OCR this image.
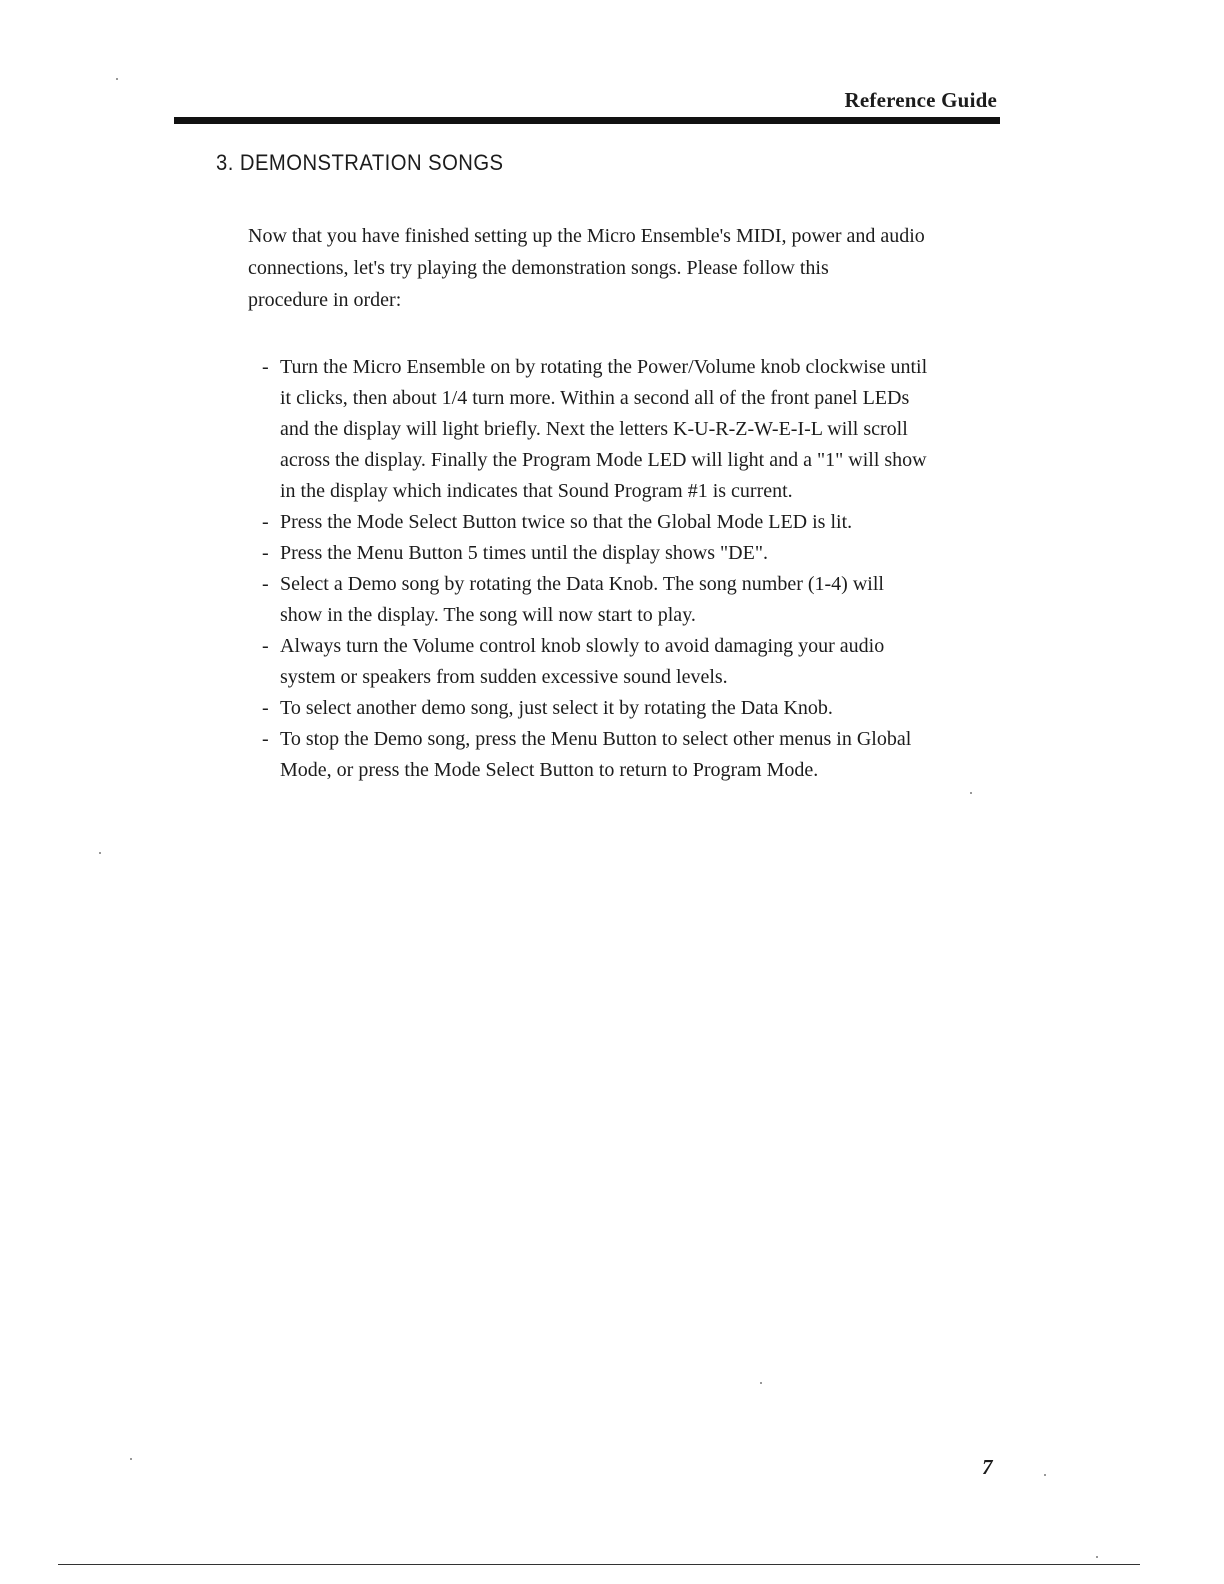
Reference Guide
3. DEMONSTRATION SONGS
Now that you have finished setting up the Micro Ensemble's MIDI, power and audio
connections, let's try playing the demonstration songs. Please follow this
procedure in order:
- Turn the Micro Ensemble on by rotating the Power/Volume knob clockwise until
it clicks, then about 1/4 turn more. Within a second all of the front panel LEDs
and the display will light briefly. Next the letters K-U-R-Z-W-E-I-L will scroll
across the display. Finally the Program Mode LED will light and a "1" will show
in the display which indicates that Sound Program #1 is current.
- Press the Mode Select Button twice so that the Global Mode LED is lit.
- Press the Menu Button 5 times until the display shows "DE".
- Select a Demo song by rotating the Data Knob. The song number (1-4) will
show in the display. The song will now start to play.
- Always turn the Volume control knob slowly to avoid damaging your audio
system or speakers from sudden excessive sound levels.
- To select another demo song, just select it by rotating the Data Knob.
- To stop the Demo song, press the Menu Button to select other menus in Global
Mode, or press the Mode Select Button to return to Program Mode.
7
